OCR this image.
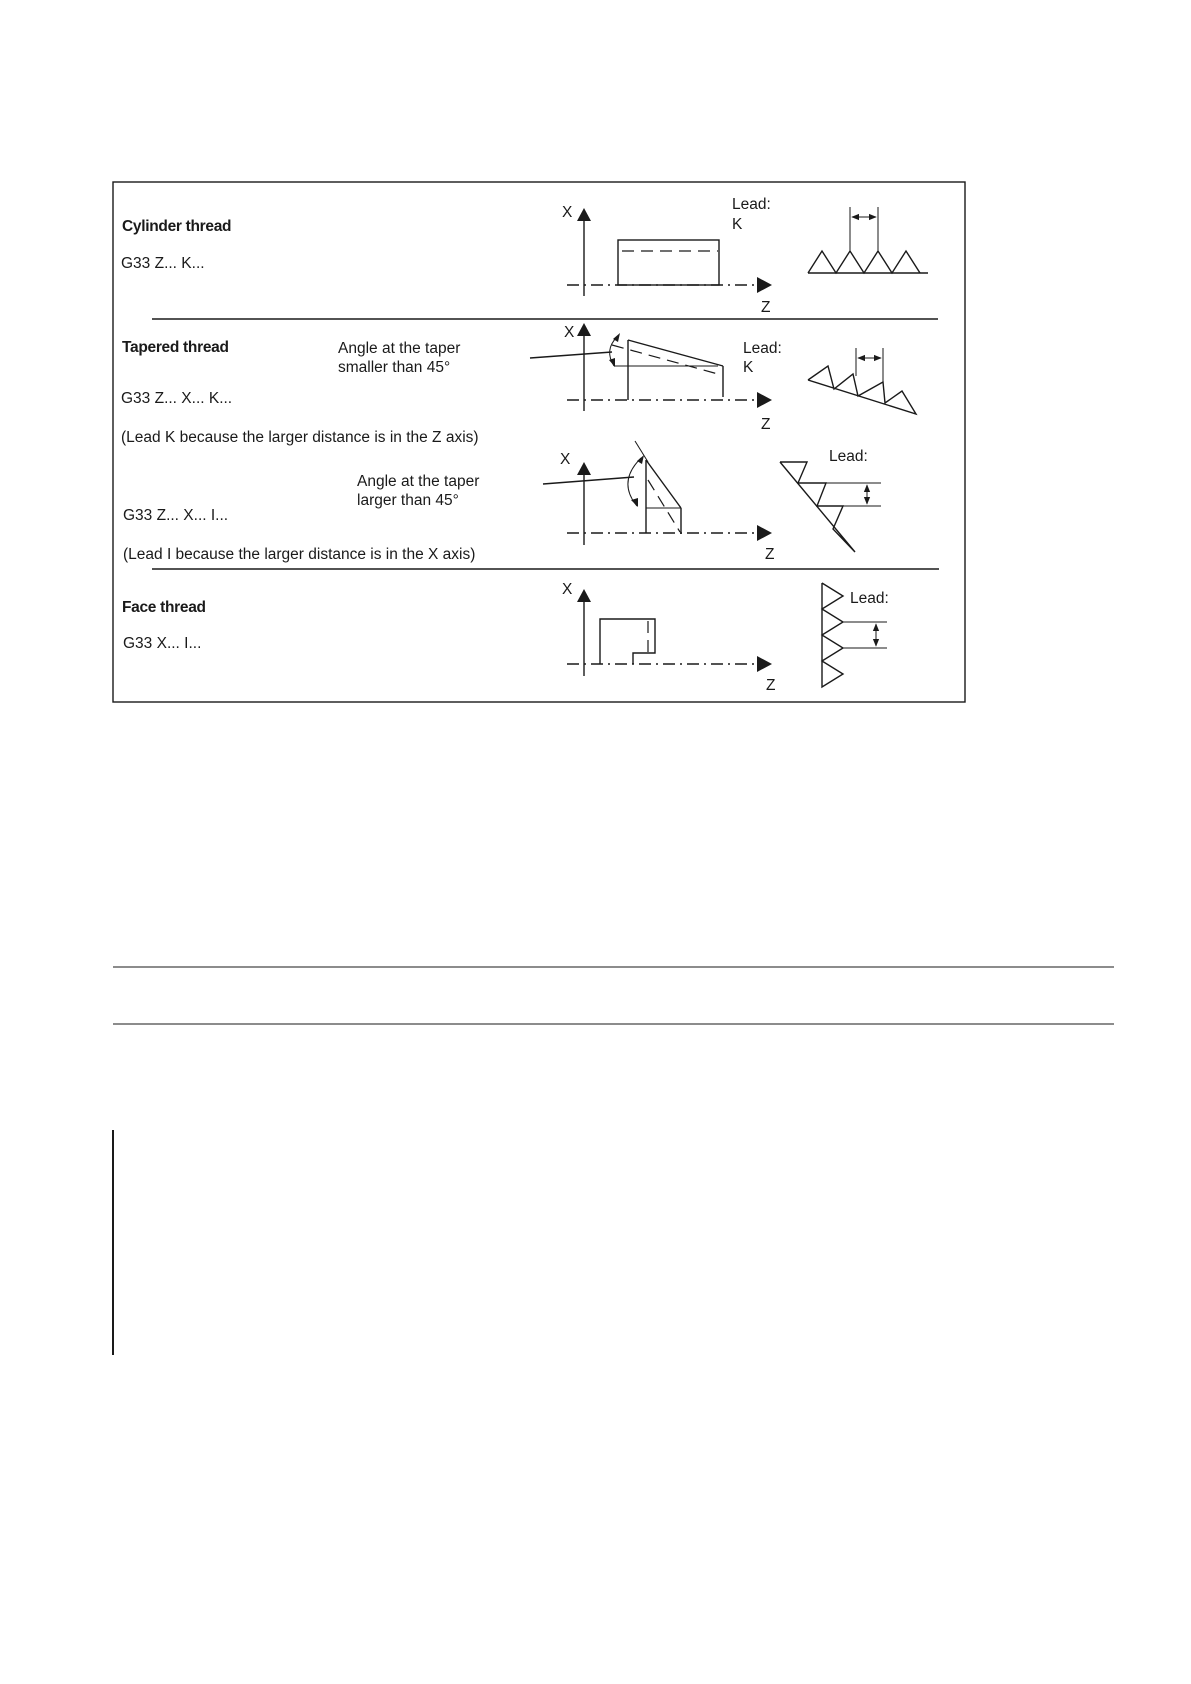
Cylinder thread
G33 Z... K...
X
Z
Lead:
K
Tapered thread	Angle at the taper
smaller than 45°
G33 Z... X... K...
(Lead K because the larger distance is in the Z axis)
X
Z
Lead:
K
Angle at the taper
larger than 45°
G33 Z... X... I...
(Lead I because the larger distance is in the X axis)
X
Z
Lead:
Face thread
G33 X... I...
X
Z
Lead:
